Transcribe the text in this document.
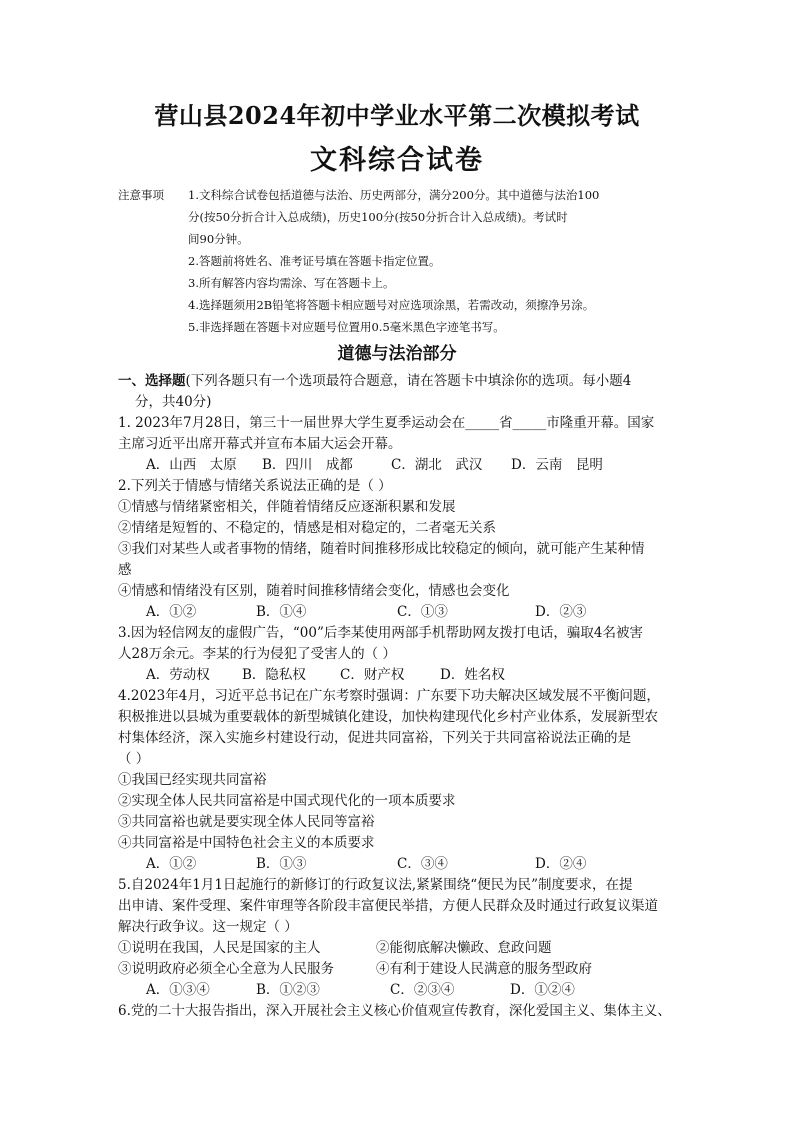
营山县2024年初中学业水平第二次模拟考试
文科综合试卷
注意事项 1.文科综合试卷包括道德与法治、历史两部分，满分200分。其中道德与法治100
分(按50分折合计入总成绩)，历史100分(按50分折合计入总成绩)。考试时
间90分钟。
2.答题前将姓名、准考证号填在答题卡指定位置。
3.所有解答内容均需涂、写在答题卡上。
4.选择题须用2B铅笔将答题卡相应题号对应选项涂黑，若需改动，须擦净另涂。
5.非选择题在答题卡对应题号位置用0.5毫米黑色字迹笔书写。
道德与法治部分
一、选择题(下列各题只有一个选项最符合题意，请在答题卡中填涂你的选项。每小题4
分，共40分)
1. 2023年7月28日，第三十一届世界大学生夏季运动会在_____省_____市隆重开幕。国家
主席习近平出席开幕式并宣布本届大运会开幕。
A．山西　太原 B．四川　成都	C．湖北　武汉 D．云南　昆明
2.下列关于情感与情绪关系说法正确的是（ ）
①情感与情绪紧密相关，伴随着情绪反应逐渐积累和发展
②情绪是短暂的、不稳定的，情感是相对稳定的，二者毫无关系
③我们对某些人或者事物的情绪，随着时间推移形成比较稳定的倾向，就可能产生某种情
感
④情感和情绪没有区别，随着时间推移情绪会变化，情感也会变化
A．①②	B．①④	C．①③	D．②③
3.因为轻信网友的虚假广告，“00”后李某使用两部手机帮助网友拨打电话，骗取4名被害
人28万余元。李某的行为侵犯了受害人的（ ）
A．劳动权 B．隐私权	C．财产权	D．姓名权
4.2023年4月，习近平总书记在广东考察时强调：广东要下功夫解决区域发展不平衡问题，
积极推进以县城为重要载体的新型城镇化建设，加快构建现代化乡村产业体系，发展新型农
村集体经济，深入实施乡村建设行动，促进共同富裕，下列关于共同富裕说法正确的是
（ ）
①我国已经实现共同富裕
②实现全体人民共同富裕是中国式现代化的一项本质要求
③共同富裕也就是要实现全体人民同等富裕
④共同富裕是中国特色社会主义的本质要求
A．①②	B．①③	C．③④	D．②④
5.自2024年1月1日起施行的新修订的行政复议法,紧紧围绕“便民为民”制度要求，在提
出申请、案件受理、案件审理等各阶段丰富便民举措，方便人民群众及时通过行政复议渠道
解决行政争议。这一规定（ ）
①说明在我国，人民是国家的主人	②能彻底解决懒政、怠政问题
③说明政府必须全心全意为人民服务	④有利于建设人民满意的服务型政府
A．①③④	B．①②③	C．②③④	D．①②④
6.党的二十大报告指出，深入开展社会主义核心价值观宣传教育，深化爱国主义、集体主义、
